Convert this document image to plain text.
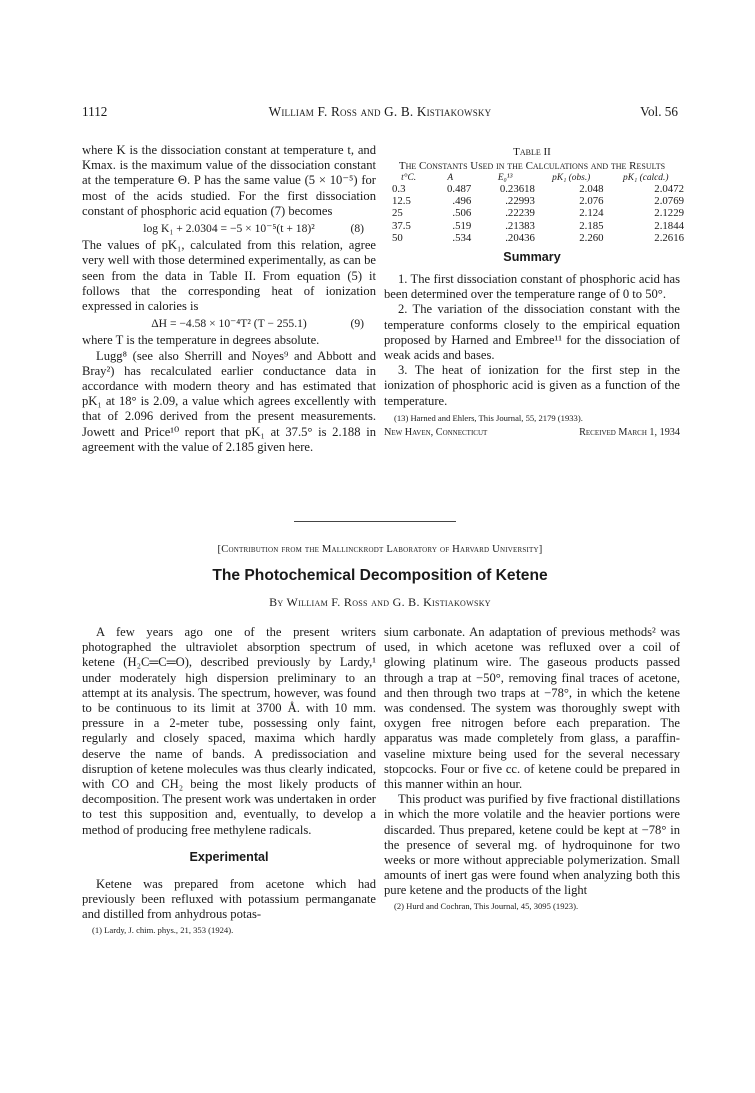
1112	William F. Ross and G. B. Kistiakowsky	Vol. 56

where K is the dissociation constant at temperature t, and Kmax. is the maximum value of the dissociation constant at the temperature Θ. P has the same value (5 × 10⁻⁵) for most of the acids studied. For the first dissociation constant of phosphoric acid equation (7) becomes

log K₁ + 2.0304 = −5 × 10⁻⁵(t + 18)²	(8)

The values of pK₁, calculated from this relation, agree very well with those determined experimentally, as can be seen from the data in Table II. From equation (5) it follows that the corresponding heat of ionization expressed in calories is

ΔH = −4.58 × 10⁻⁴T² (T − 255.1)	(9)

where T is the temperature in degrees absolute.

Lugg⁸ (see also Sherrill and Noyes⁹ and Abbott and Bray²) has recalculated earlier conductance data in accordance with modern theory and has estimated that pK₁ at 18° is 2.09, a value which agrees excellently with that of 2.096 derived from the present measurements. Jowett and Price¹⁰ report that pK₁ at 37.5° is 2.188 in agreement with the value of 2.185 given here.

Table II
The Constants Used in the Calculations and the Results
t°C.	A	E₀¹³	pK₁ (obs.)	pK₁ (calcd.)
0.3	0.487	0.23618	2.048	2.0472
12.5	.496	.22993	2.076	2.0769
25	.506	.22239	2.124	2.1229
37.5	.519	.21383	2.185	2.1844
50	.534	.20436	2.260	2.2616
Summary

1. The first dissociation constant of phosphoric acid has been determined over the temperature range of 0 to 50°.

2. The variation of the dissociation constant with the temperature conforms closely to the empirical equation proposed by Harned and Embree¹¹ for the dissociation of weak acids and bases.

3. The heat of ionization for the first step in the ionization of phosphoric acid is given as a function of the temperature.

(13) Harned and Ehlers, This Journal, 55, 2179 (1933).
New Haven, Connecticut	Received March 1, 1934
[Contribution from the Mallinckrodt Laboratory of Harvard University]
The Photochemical Decomposition of Ketene
By William F. Ross and G. B. Kistiakowsky

A few years ago one of the present writers photographed the ultraviolet absorption spectrum of ketene (H₂C═C═O), described previously by Lardy,¹ under moderately high dispersion preliminary to an attempt at its analysis. The spectrum, however, was found to be continuous to its limit at 3700 Å. with 10 mm. pressure in a 2-meter tube, possessing only faint, regularly and closely spaced, maxima which hardly deserve the name of bands. A predissociation and disruption of ketene molecules was thus clearly indicated, with CO and CH₂ being the most likely products of decomposition. The present work was undertaken in order to test this supposition and, eventually, to develop a method of producing free methylene radicals.

Experimental

Ketene was prepared from acetone which had previously been refluxed with potassium permanganate and distilled from anhydrous potas-

(1) Lardy, J. chim. phys., 21, 353 (1924).

sium carbonate. An adaptation of previous methods² was used, in which acetone was refluxed over a coil of glowing platinum wire. The gaseous products passed through a trap at −50°, removing final traces of acetone, and then through two traps at −78°, in which the ketene was condensed. The system was thoroughly swept with oxygen free nitrogen before each preparation. The apparatus was made completely from glass, a paraffin-vaseline mixture being used for the several necessary stopcocks. Four or five cc. of ketene could be prepared in this manner within an hour.

This product was purified by five fractional distillations in which the more volatile and the heavier portions were discarded. Thus prepared, ketene could be kept at −78° in the presence of several mg. of hydroquinone for two weeks or more without appreciable polymerization. Small amounts of inert gas were found when analyzing both this pure ketene and the products of the light

(2) Hurd and Cochran, This Journal, 45, 3095 (1923).
